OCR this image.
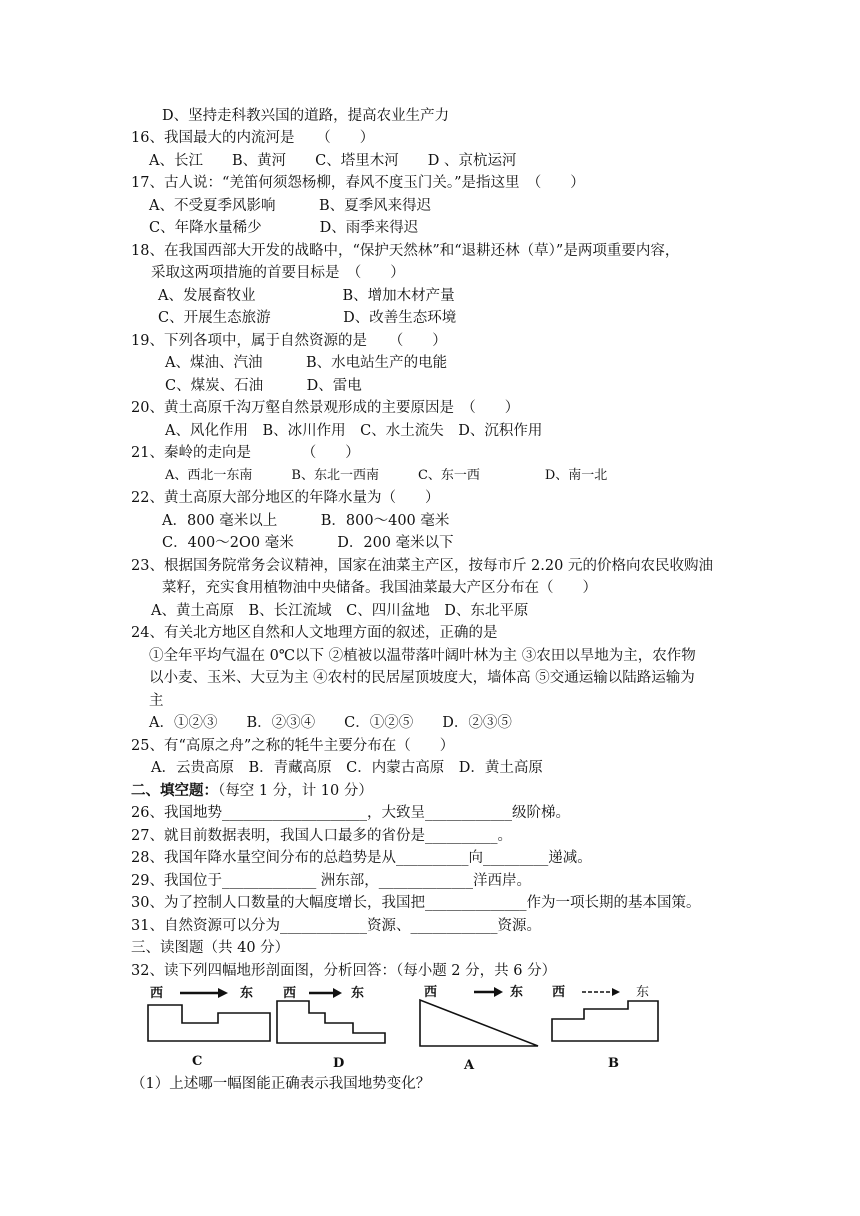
D、坚持走科教兴国的道路，提高农业生产力
16、我国最大的内流河是　　（　　）
A、长江　　B、黄河　　C、塔里木河　　D 、京杭运河
17、古人说：“羌笛何须怨杨柳，春风不度玉门关。”是指这里　（　　）
A、不受夏季风影响　　　B、夏季风来得迟
C、年降水量稀少　　　　D、雨季来得迟
18、在我国西部大开发的战略中，“保护天然林”和“退耕还林（草）”是两项重要内容，
采取这两项措施的首要目标是　（　　）
A、发展畜牧业　　　　　　B、增加木材产量
C、开展生态旅游　　　　　D、改善生态环境
19、下列各项中，属于自然资源的是　　（　　）
A、煤油、汽油　　　B、水电站生产的电能
C、煤炭、石油　　　D、雷电
20、黄土高原千沟万壑自然景观形成的主要原因是　（　　）
A、风化作用　B、冰川作用　C、水土流失　D、沉积作用
21、秦岭的走向是　　　　（　　）
A、西北一东南　　　B、东北一西南　　　C、东一西　　　　　D、南一北
22、黄土高原大部分地区的年降水量为（　　）
A．800 毫米以上　　　B．800～400 毫米
C．400～2O0 毫米　　　D．200 毫米以下
23、根据国务院常务会议精神，国家在油菜主产区，按每市斤 2.20 元的价格向农民收购油
菜籽，充实食用植物油中央储备。我国油菜最大产区分布在（　　）
A、黄土高原　B、长江流域　C、四川盆地　D、东北平原
24、有关北方地区自然和人文地理方面的叙述，正确的是
①全年平均气温在 0℃以下 ②植被以温带落叶阔叶林为主 ③农田以旱地为主，农作物
以小麦、玉米、大豆为主 ④农村的民居屋顶坡度大，墙体高 ⑤交通运输以陆路运输为
主
A．①②③　　B．②③④　　C．①②⑤　　D．②③⑤
25、有“高原之舟”之称的牦牛主要分布在（　　）
A．云贵高原　B．青藏高原　C．内蒙古高原　D．黄土高原
二、填空题：（每空 1 分，计 10 分）
26、我国地势____________________，大致呈____________级阶梯。
27、就目前数据表明，我国人口最多的省份是__________。
28、我国年降水量空间分布的总趋势是从__________向_________递减。
29、我国位于_____________ 洲东部，_____________洋西岸。
30、为了控制人口数量的大幅度增长，我国把______________作为一项长期的基本国策。
31、自然资源可以分为____________资源、____________资源。
三、读图题（共 40 分）
32、读下列四幅地形剖面图，分析回答：（每小题 2 分，共 6 分）
西	东
C
西	东
D
西	东
A
西	东
B
（1）上述哪一幅图能正确表示我国地势变化？
